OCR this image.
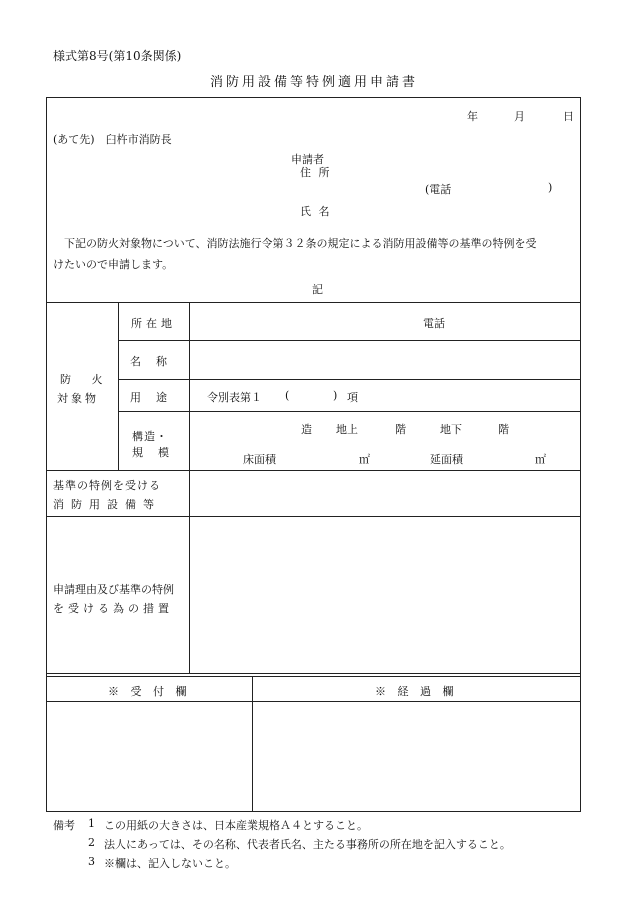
様式第8号(第10条関係)
消防用設備等特例適用申請書
年	月	日
(あて先)　臼杵市消防長
申請者
住 所
(電話	)
氏 名
下記の防火対象物について、消防法施行令第３２条の規定による消防用設備等の基準の特例を受
けたいので申請します。
記
防　 火
対象物
所在地	電話
名　称
用　途	令別表第１ (	) 項
構造・
規　模
造 地上	階	地下	階
床面積	㎡	延面積	㎡
基準の特例を受ける
消防用設備等
申請理由及び基準の特例
を受ける為の措置
※ 受 付 欄	※ 経 過 欄
備考 1 この用紙の大きさは、日本産業規格Ａ４とすること。
2 法人にあっては、その名称、代表者氏名、主たる事務所の所在地を記入すること。
3 ※欄は、記入しないこと。
